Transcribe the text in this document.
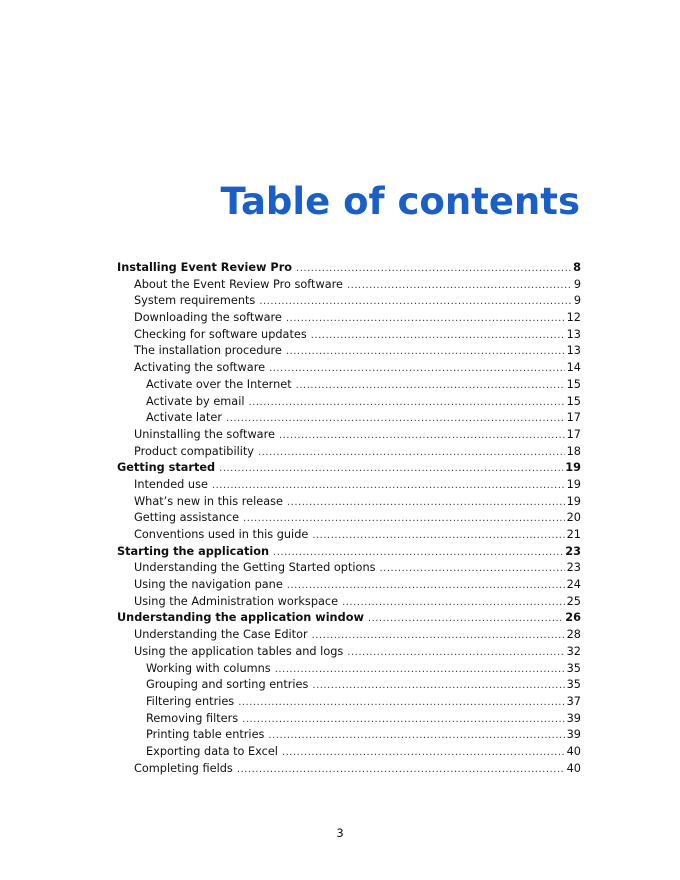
Table of contents
Installing Event Review Pro .....	8
About the Event Review Pro software .....	9
System requirements .....	9
Downloading the software .....	12
Checking for software updates .....	13
The installation procedure .....	13
Activating the software .....	14
Activate over the Internet .....	15
Activate by email .....	15
Activate later .....	17
Uninstalling the software .....	17
Product compatibility .....	18
Getting started .....	19
Intended use .....	19
What’s new in this release .....	19
Getting assistance .....	20
Conventions used in this guide .....	21
Starting the application .....	23
Understanding the Getting Started options .....	23
Using the navigation pane .....	24
Using the Administration workspace .....	25
Understanding the application window .....	26
Understanding the Case Editor .....	28
Using the application tables and logs .....	32
Working with columns .....	35
Grouping and sorting entries .....	35
Filtering entries .....	37
Removing filters .....	39
Printing table entries .....	39
Exporting data to Excel .....	40
Completing fields .....	40
3
